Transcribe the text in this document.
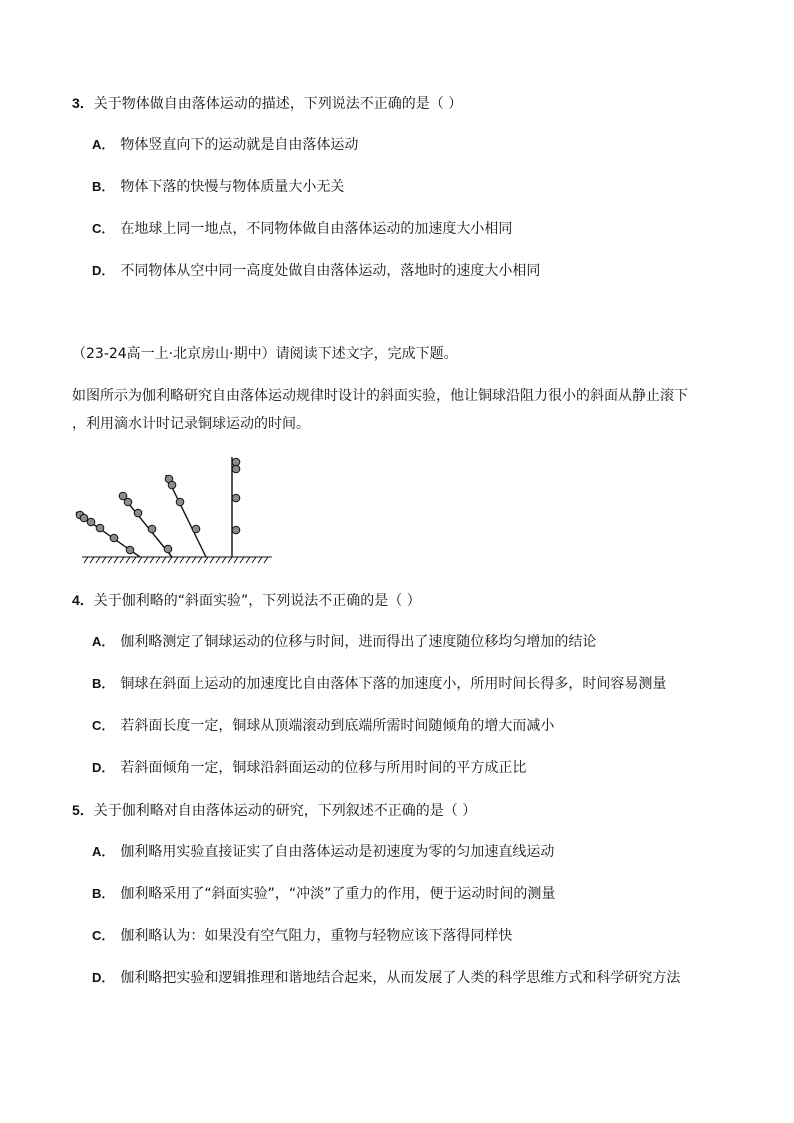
3．关于物体做自由落体运动的描述，下列说法不正确的是（ ）
A． 物体竖直向下的运动就是自由落体运动
B． 物体下落的快慢与物体质量大小无关
C． 在地球上同一地点，不同物体做自由落体运动的加速度大小相同
D． 不同物体从空中同一高度处做自由落体运动，落地时的速度大小相同
（23-24高一上·北京房山·期中）请阅读下述文字，完成下题。
如图所示为伽利略研究自由落体运动规律时设计的斜面实验，他让铜球沿阻力很小的斜面从静止滚下
，利用滴水计时记录铜球运动的时间。
4．关于伽利略的“斜面实验”，下列说法不正确的是（ ）
A． 伽利略测定了铜球运动的位移与时间，进而得出了速度随位移均匀增加的结论
B． 铜球在斜面上运动的加速度比自由落体下落的加速度小，所用时间长得多，时间容易测量
C． 若斜面长度一定，铜球从顶端滚动到底端所需时间随倾角的增大而减小
D． 若斜面倾角一定，铜球沿斜面运动的位移与所用时间的平方成正比
5．关于伽利略对自由落体运动的研究，下列叙述不正确的是（ ）
A． 伽利略用实验直接证实了自由落体运动是初速度为零的匀加速直线运动
B． 伽利略采用了“斜面实验”，“冲淡”了重力的作用，便于运动时间的测量
C． 伽利略认为：如果没有空气阻力，重物与轻物应该下落得同样快
D． 伽利略把实验和逻辑推理和谐地结合起来，从而发展了人类的科学思维方式和科学研究方法
